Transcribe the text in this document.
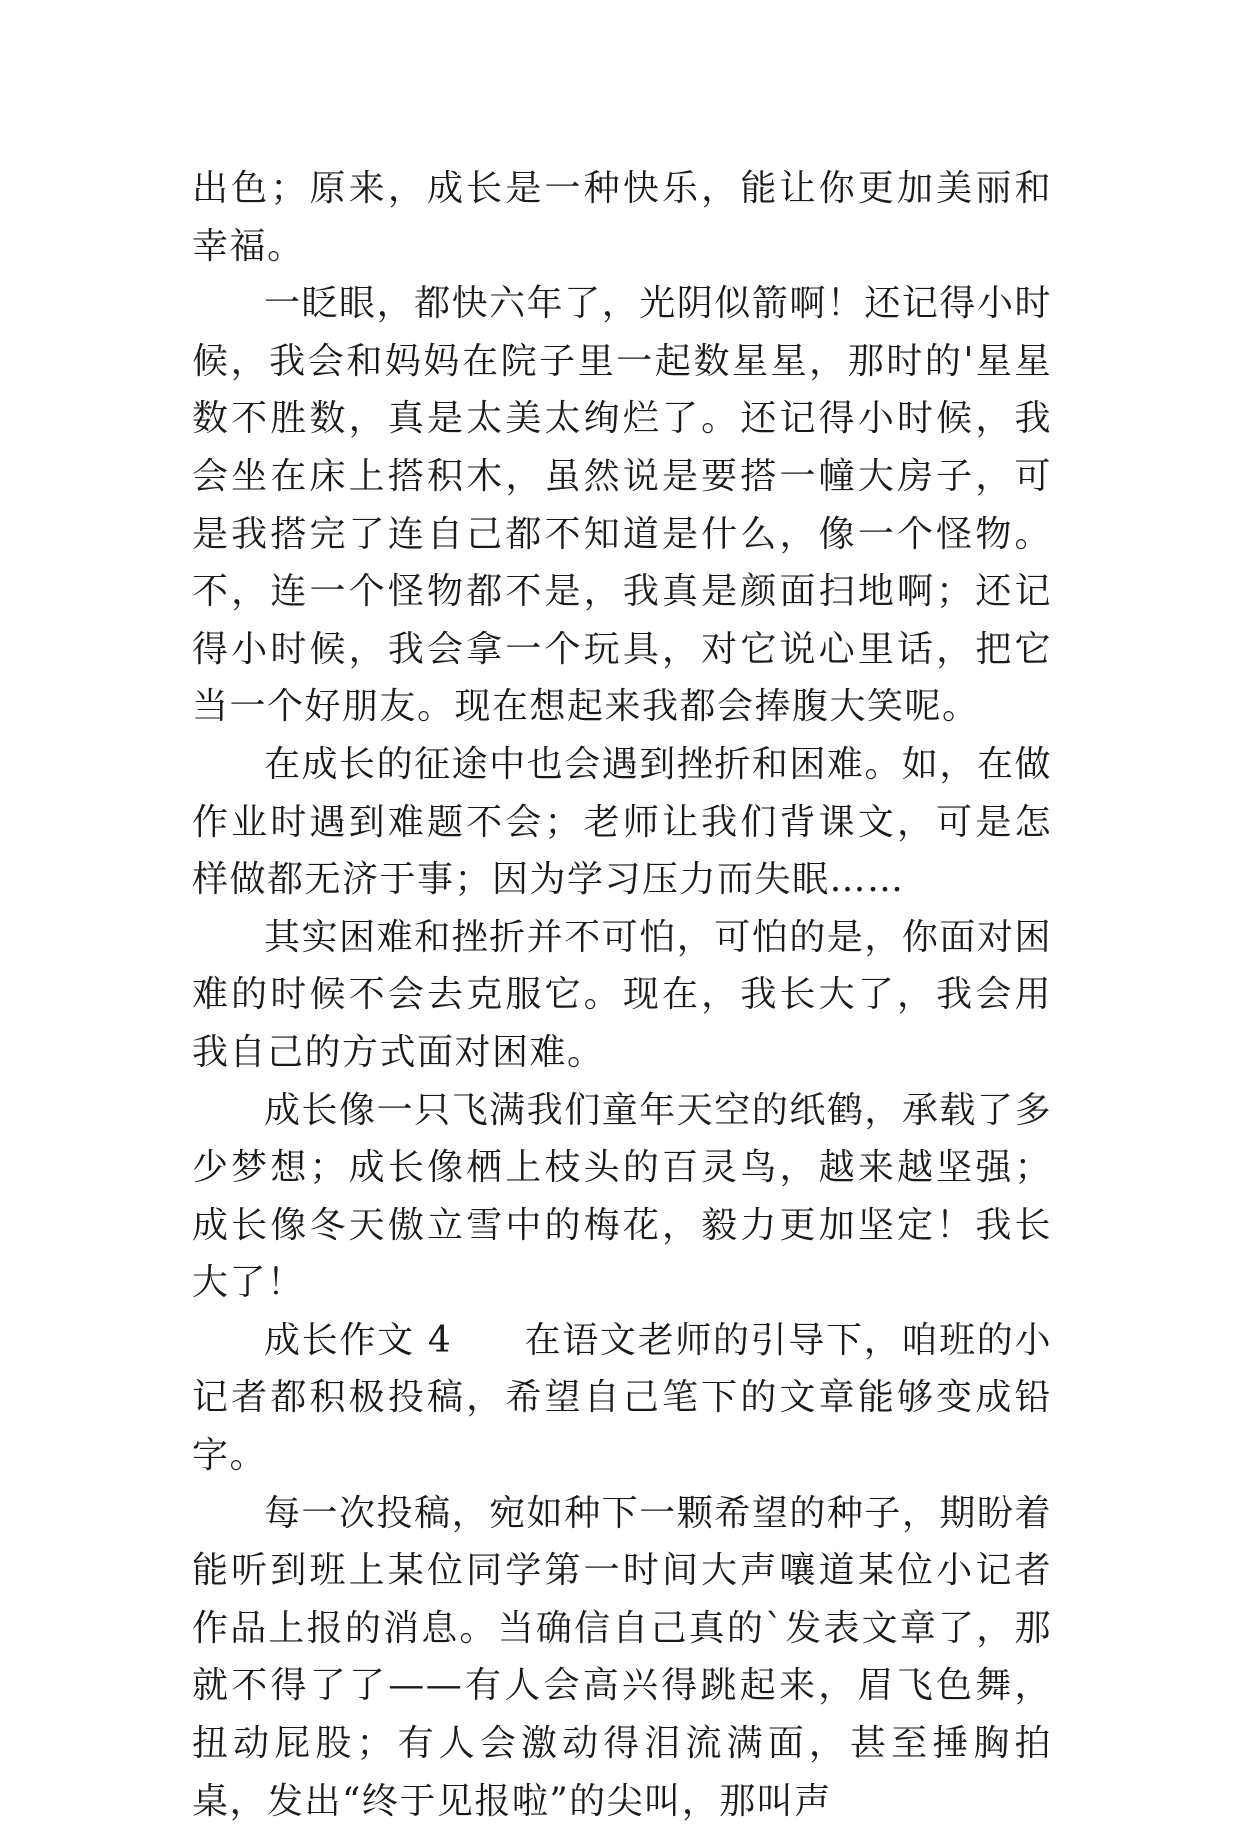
出色；原来，成长是一种快乐，能让你更加美丽和幸福。

一眨眼，都快六年了，光阴似箭啊！还记得小时候，我会和妈妈在院子里一起数星星，那时的'星星数不胜数，真是太美太绚烂了。还记得小时候，我会坐在床上搭积木，虽然说是要搭一幢大房子，可是我搭完了连自己都不知道是什么，像一个怪物。不，连一个怪物都不是，我真是颜面扫地啊；还记得小时候，我会拿一个玩具，对它说心里话，把它当一个好朋友。现在想起来我都会捧腹大笑呢。

在成长的征途中也会遇到挫折和困难。如，在做作业时遇到难题不会；老师让我们背课文，可是怎样做都无济于事；因为学习压力而失眠……

其实困难和挫折并不可怕，可怕的是，你面对困难的时候不会去克服它。现在，我长大了，我会用我自己的方式面对困难。

成长像一只飞满我们童年天空的纸鹤，承载了多少梦想；成长像栖上枝头的百灵鸟，越来越坚强；成长像冬天傲立雪中的梅花，毅力更加坚定！我长大了！

成长作文 4 在语文老师的引导下，咱班的小记者都积极投稿，希望自己笔下的文章能够变成铅字。

每一次投稿，宛如种下一颗希望的种子，期盼着能听到班上某位同学第一时间大声嚷道某位小记者作品上报的消息。当确信自己真的`发表文章了，那就不得了了——有人会高兴得跳起来，眉飞色舞，扭动屁股；有人会激动得泪流满面，甚至捶胸拍桌，发出“终于见报啦”的尖叫，那叫声
